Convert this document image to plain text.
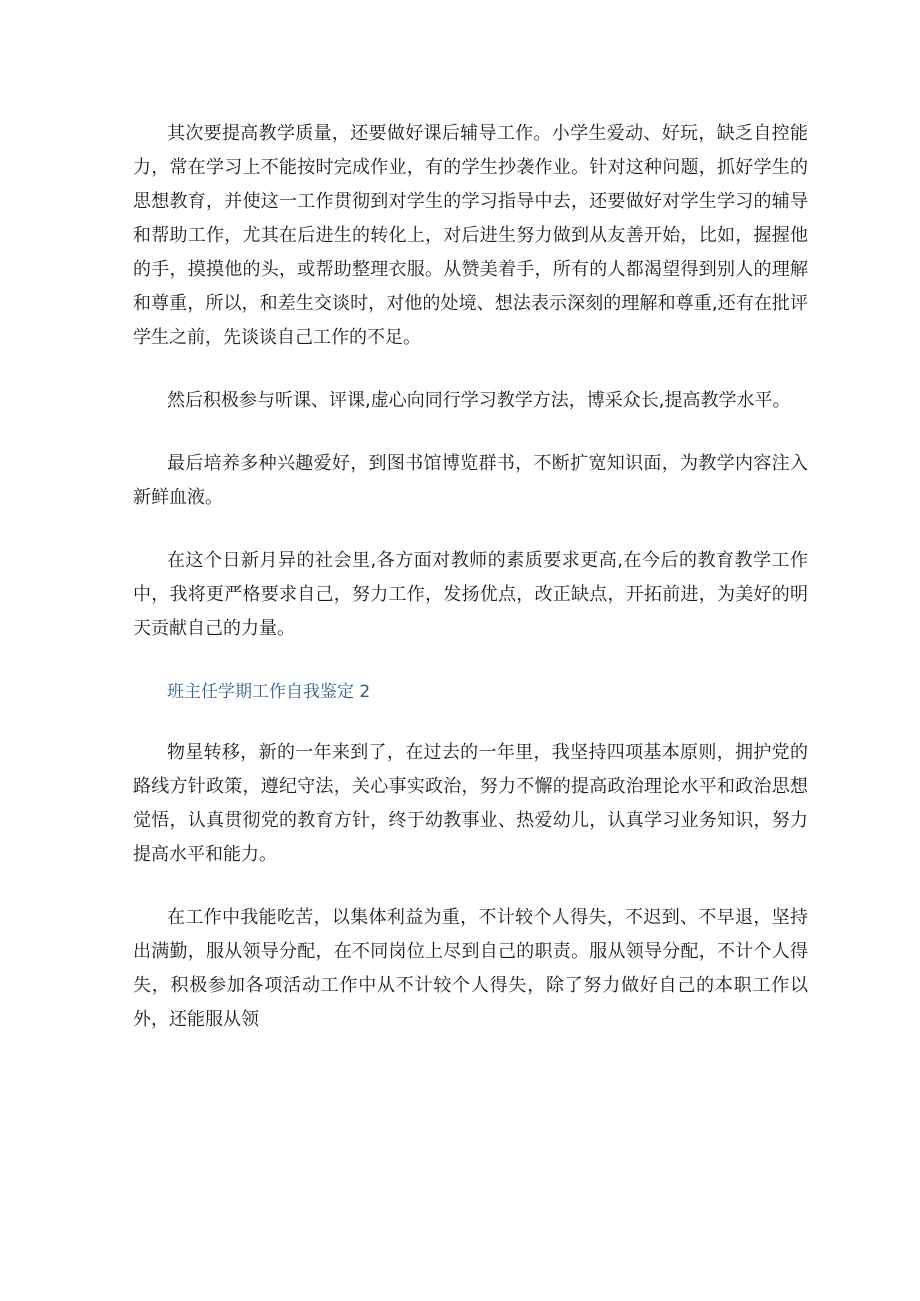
其次要提高教学质量，还要做好课后辅导工作。小学生爱动、好玩，缺乏自控能力，常在学习上不能按时完成作业，有的学生抄袭作业。针对这种问题，抓好学生的思想教育，并使这一工作贯彻到对学生的学习指导中去，还要做好对学生学习的辅导和帮助工作，尤其在后进生的转化上，对后进生努力做到从友善开始，比如，握握他的手，摸摸他的头，或帮助整理衣服。从赞美着手，所有的人都渴望得到别人的理解和尊重，所以，和差生交谈时，对他的处境、想法表示深刻的理解和尊重,还有在批评学生之前，先谈谈自己工作的不足。

然后积极参与听课、评课,虚心向同行学习教学方法，博采众长,提高教学水平。

最后培养多种兴趣爱好，到图书馆博览群书，不断扩宽知识面，为教学内容注入新鲜血液。

在这个日新月异的社会里,各方面对教师的素质要求更高,在今后的教育教学工作中，我将更严格要求自己，努力工作，发扬优点，改正缺点，开拓前进，为美好的明天贡献自己的力量。

班主任学期工作自我鉴定 2

物星转移，新的一年来到了，在过去的一年里，我坚持四项基本原则，拥护党的路线方针政策，遵纪守法，关心事实政治，努力不懈的提高政治理论水平和政治思想觉悟，认真贯彻党的教育方针，终于幼教事业、热爱幼儿，认真学习业务知识，努力提高水平和能力。

在工作中我能吃苦，以集体利益为重，不计较个人得失，不迟到、不早退，坚持出满勤，服从领导分配，在不同岗位上尽到自己的职责。服从领导分配，不计个人得失，积极参加各项活动工作中从不计较个人得失，除了努力做好自己的本职工作以外，还能服从领
